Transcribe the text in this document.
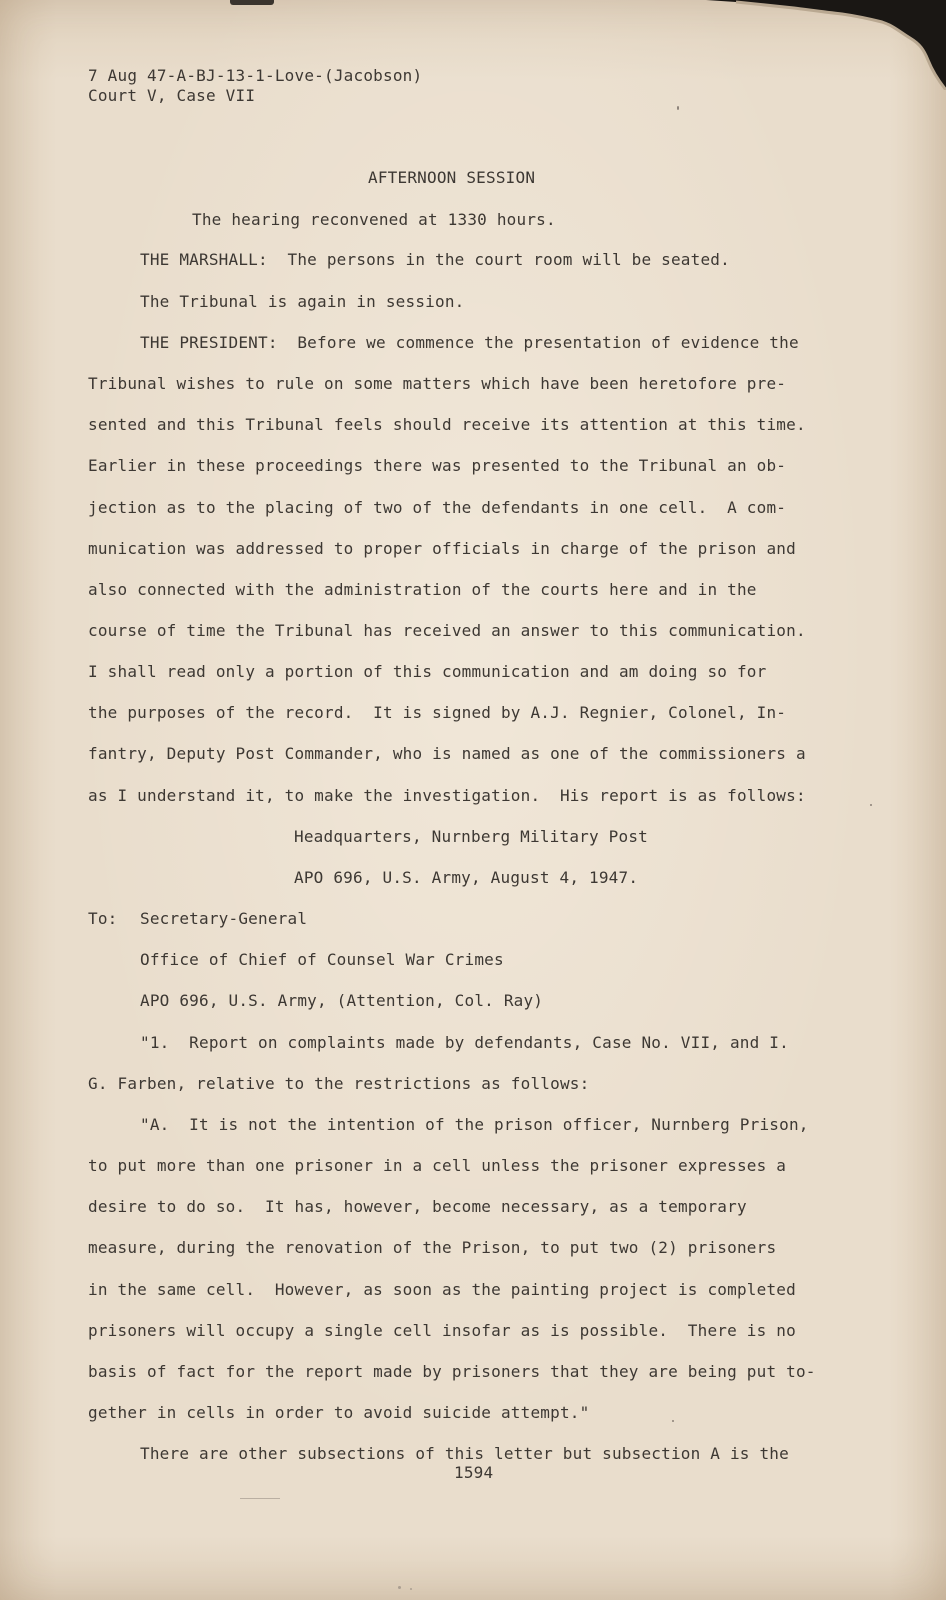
7 Aug 47-A-BJ-13-1-Love-(Jacobson)
Court V, Case VII
AFTERNOON SESSION
The hearing reconvened at 1330 hours.
THE MARSHALL:  The persons in the court room will be seated.
The Tribunal is again in session.
THE PRESIDENT:  Before we commence the presentation of evidence the
Tribunal wishes to rule on some matters which have been heretofore pre-
sented and this Tribunal feels should receive its attention at this time.
Earlier in these proceedings there was presented to the Tribunal an ob-
jection as to the placing of two of the defendants in one cell.  A com-
munication was addressed to proper officials in charge of the prison and
also connected with the administration of the courts here and in the
course of time the Tribunal has received an answer to this communication.
I shall read only a portion of this communication and am doing so for
the purposes of the record.  It is signed by A.J. Regnier, Colonel, In-
fantry, Deputy Post Commander, who is named as one of the commissioners a
as I understand it, to make the investigation.  His report is as follows:
Headquarters, Nurnberg Military Post
APO 696, U.S. Army, August 4, 1947.
To: Secretary-General
Office of Chief of Counsel War Crimes
APO 696, U.S. Army, (Attention, Col. Ray)
"1.  Report on complaints made by defendants, Case No. VII, and I.
G. Farben, relative to the restrictions as follows:
"A.  It is not the intention of the prison officer, Nurnberg Prison,
to put more than one prisoner in a cell unless the prisoner expresses a
desire to do so.  It has, however, become necessary, as a temporary
measure, during the renovation of the Prison, to put two (2) prisoners
in the same cell.  However, as soon as the painting project is completed
prisoners will occupy a single cell insofar as is possible.  There is no
basis of fact for the report made by prisoners that they are being put to-
gether in cells in order to avoid suicide attempt."
There are other subsections of this letter but subsection A is the
1594
